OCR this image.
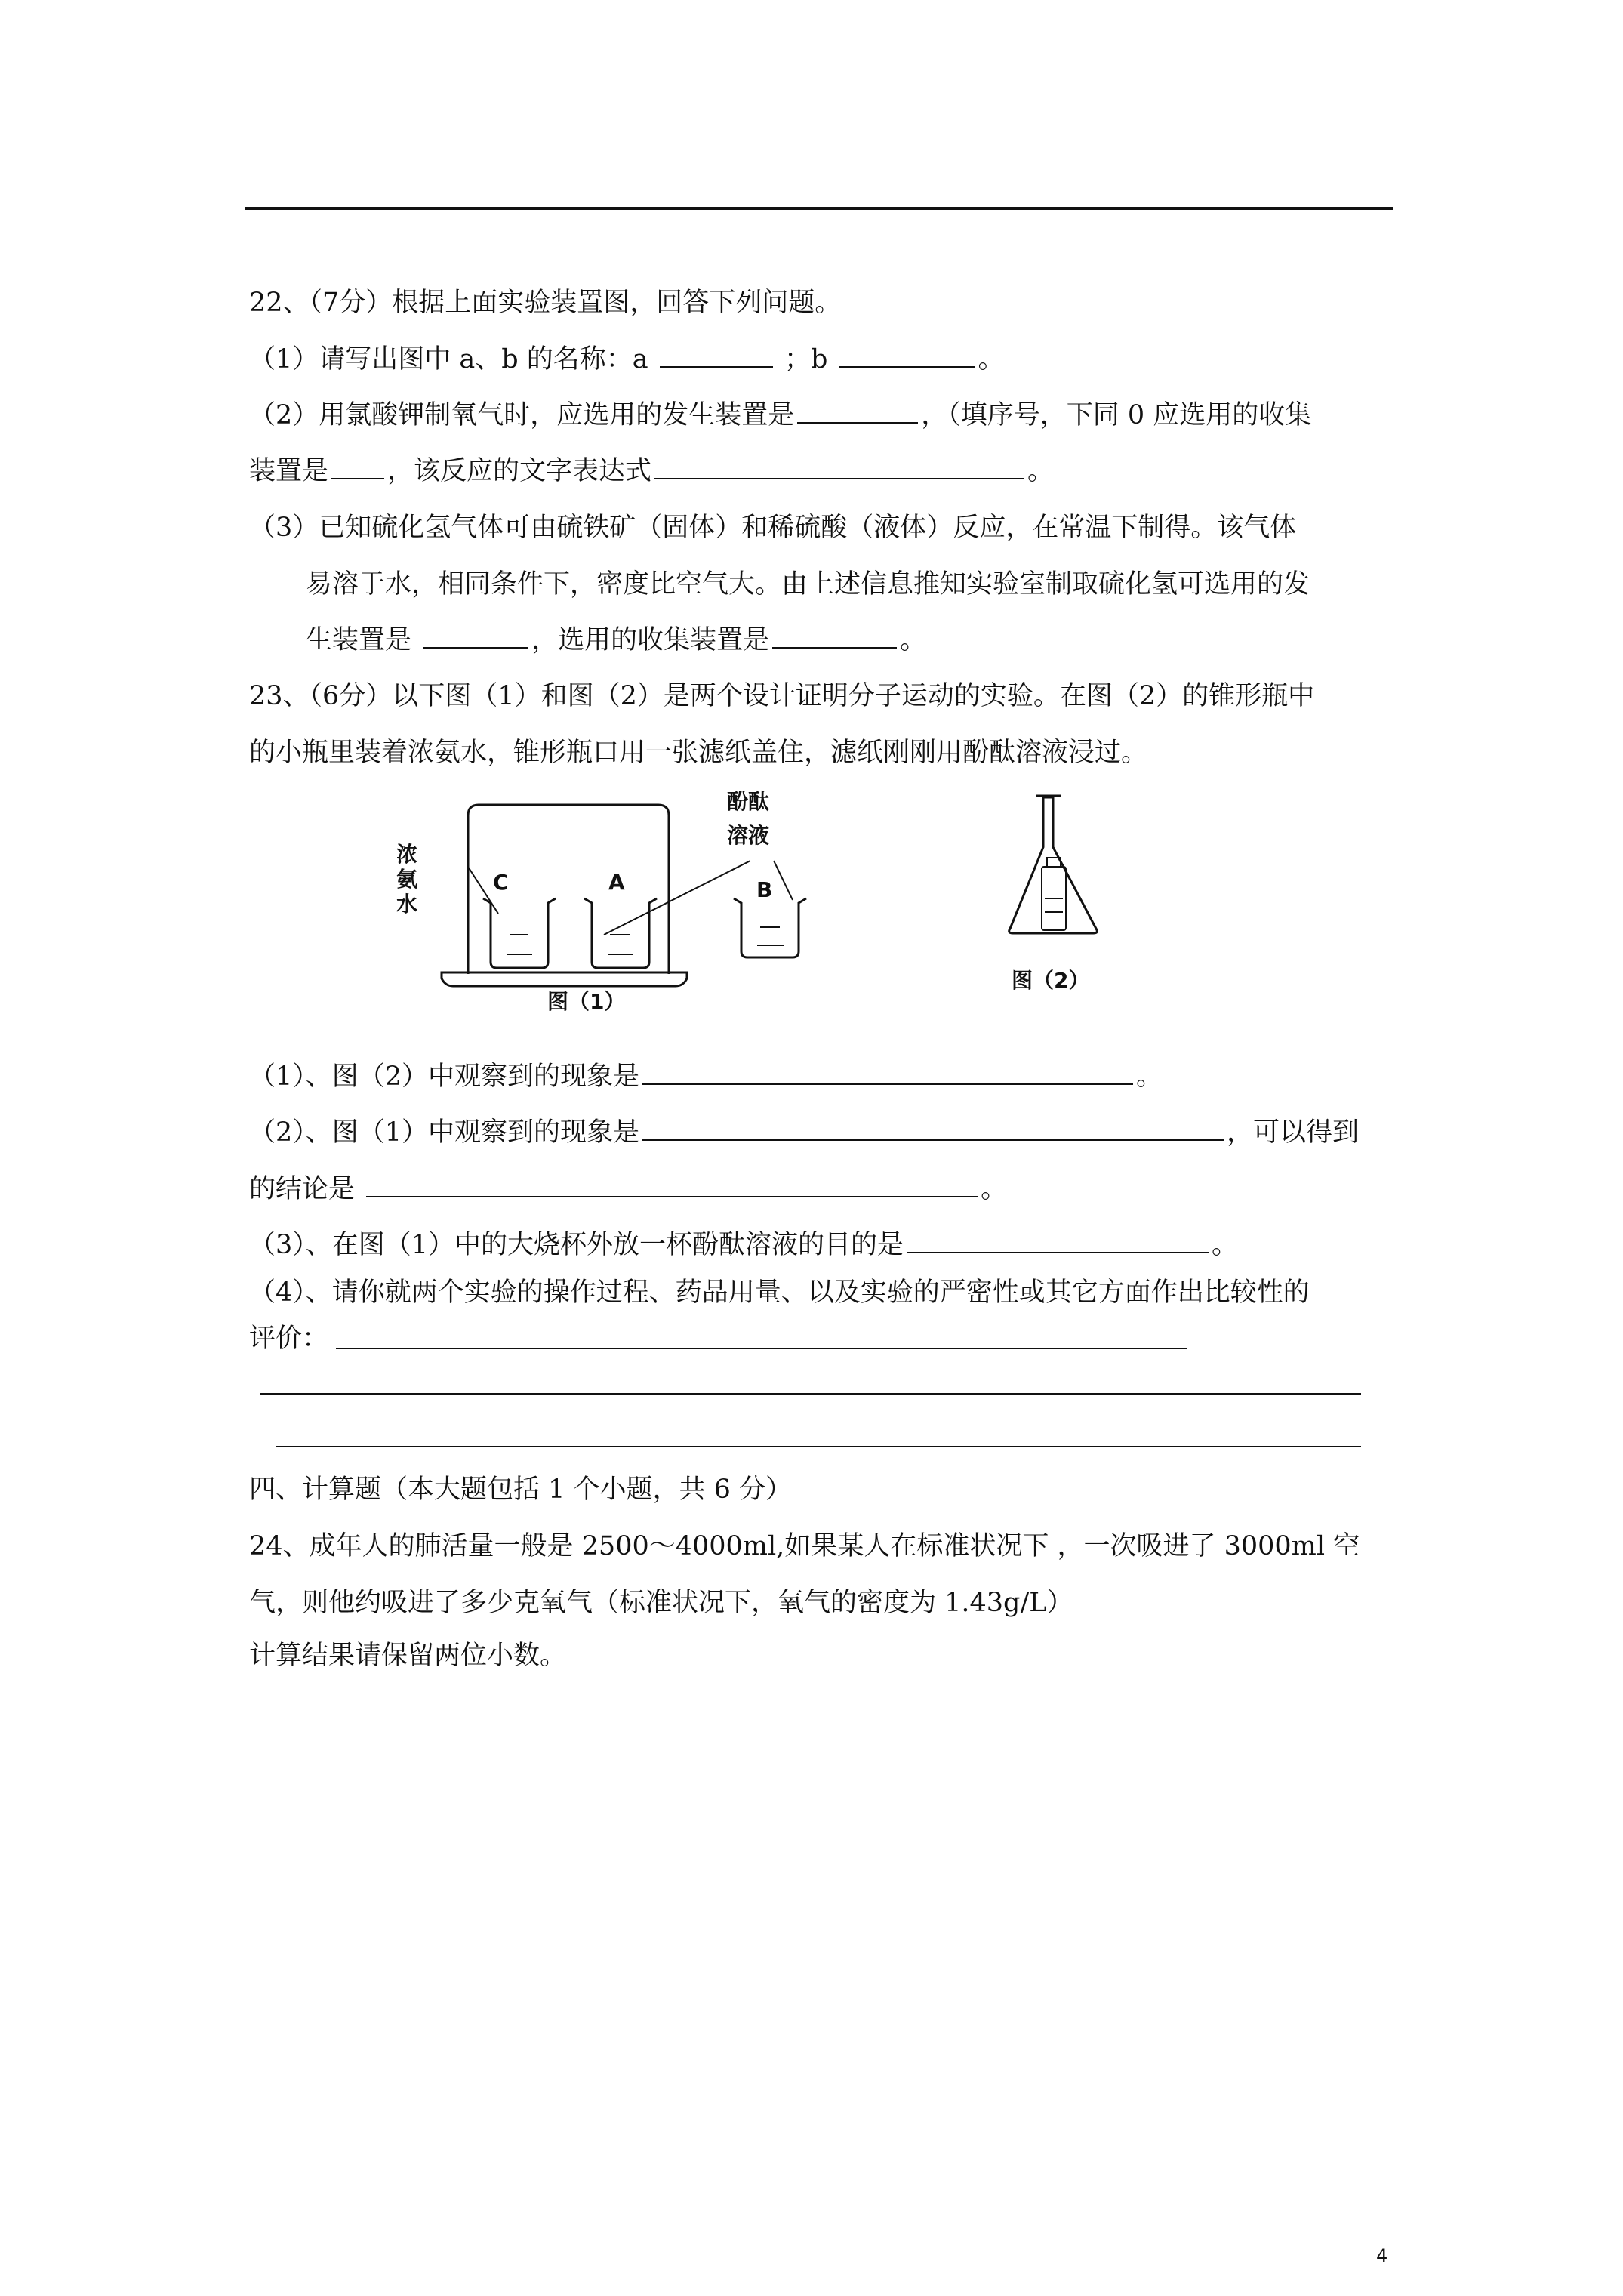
22、（7分）根据上面实验装置图，回答下列问题。
（1）请写出图中 a、b 的名称：a	；b	。
（2）用氯酸钾制氧气时，应选用的发生装置是	，（填序号，下同 0 应选用的收集
装置是 ，该反应的文字表达式	。
（3）已知硫化氢气体可由硫铁矿（固体）和稀硫酸（液体）反应，在常温下制得。该气体
易溶于水，相同条件下，密度比空气大。由上述信息推知实验室制取硫化氢可选用的发
生装置是	，选用的收集装置是	。
23、（6分）以下图（1）和图（2）是两个设计证明分子运动的实验。在图（2）的锥形瓶中
的小瓶里装着浓氨水，锥形瓶口用一张滤纸盖住，滤纸刚刚用酚酞溶液浸过。
浓
氨
水
酚酞
溶液
C	A	B
图（1）
图（2）
（1）、图（2）中观察到的现象是	。
（2）、图（1）中观察到的现象是	，可以得到
的结论是	。
（3）、在图（1）中的大烧杯外放一杯酚酞溶液的目的是	。
（4）、请你就两个实验的操作过程、药品用量、以及实验的严密性或其它方面作出比较性的
评价：
四、计算题（本大题包括 1 个小题，共 6 分）
24、成年人的肺活量一般是 2500～4000ml,如果某人在标准状况下 ，一次吸进了 3000ml 空
气，则他约吸进了多少克氧气（标准状况下，氧气的密度为 1.43g/L）
计算结果请保留两位小数。
4
